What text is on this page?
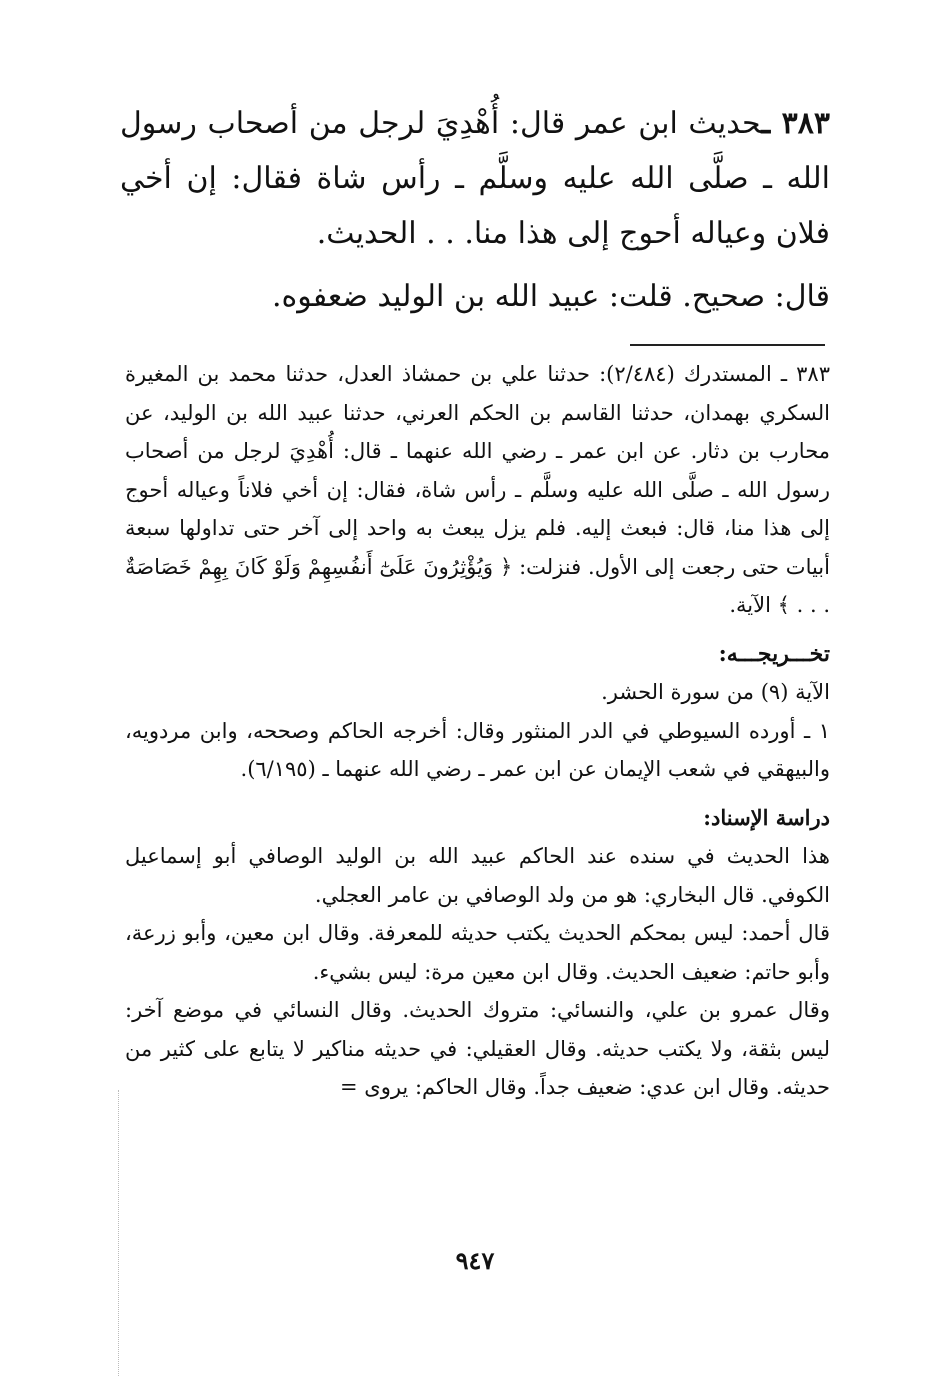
٣٨٣ ـحديث ابن عمر قال: أُهْدِيَ لرجل من أصحاب رسول الله ـ صلَّى الله عليه وسلَّم ـ رأس شاة فقال: إن أخي فلان وعياله أحوج إلى هذا منا. . . الحديث.

قال: صحيح. قلت: عبيد الله بن الوليد ضعفوه.

٣٨٣ ـ المستدرك (٢/٤٨٤): حدثنا علي بن حمشاذ العدل، حدثنا محمد بن المغيرة السكري بهمدان، حدثنا القاسم بن الحكم العرني، حدثنا عبيد الله بن الوليد، عن محارب بن دثار. عن ابن عمر ـ رضي الله عنهما ـ قال: أُهْدِيَ لرجل من أصحاب رسول الله ـ صلَّى الله عليه وسلَّم ـ رأس شاة، فقال: إن أخي فلاناً وعياله أحوج إلى هذا منا، قال: فبعث إليه. فلم يزل يبعث به واحد إلى آخر حتى تداولها سبعة أبيات حتى رجعت إلى الأول. فنزلت: ﴿ وَيُؤْثِرُونَ عَلَىٰٓ أَنفُسِهِمْ وَلَوْ كَانَ بِهِمْ خَصَاصَةٌ . . . ﴾ الآية.

تخـــريجـــه:

الآية (٩) من سورة الحشر.

١ ـ أورده السيوطي في الدر المنثور وقال: أخرجه الحاكم وصححه، وابن مردويه، والبيهقي في شعب الإيمان عن ابن عمر ـ رضي الله عنهما ـ (٦/١٩٥).

دراسة الإسناد:

هذا الحديث في سنده عند الحاكم عبيد الله بن الوليد الوصافي أبو إسماعيل الكوفي. قال البخاري: هو من ولد الوصافي بن عامر العجلي.

قال أحمد: ليس بمحكم الحديث يكتب حديثه للمعرفة. وقال ابن معين، وأبو زرعة، وأبو حاتم: ضعيف الحديث. وقال ابن معين مرة: ليس بشيء.

وقال عمرو بن علي، والنسائي: متروك الحديث. وقال النسائي في موضع آخر: ليس بثقة، ولا يكتب حديثه. وقال العقيلي: في حديثه مناكير لا يتابع على كثير من حديثه. وقال ابن عدي: ضعيف جداً. وقال الحاكم: يروى =

٩٤٧
